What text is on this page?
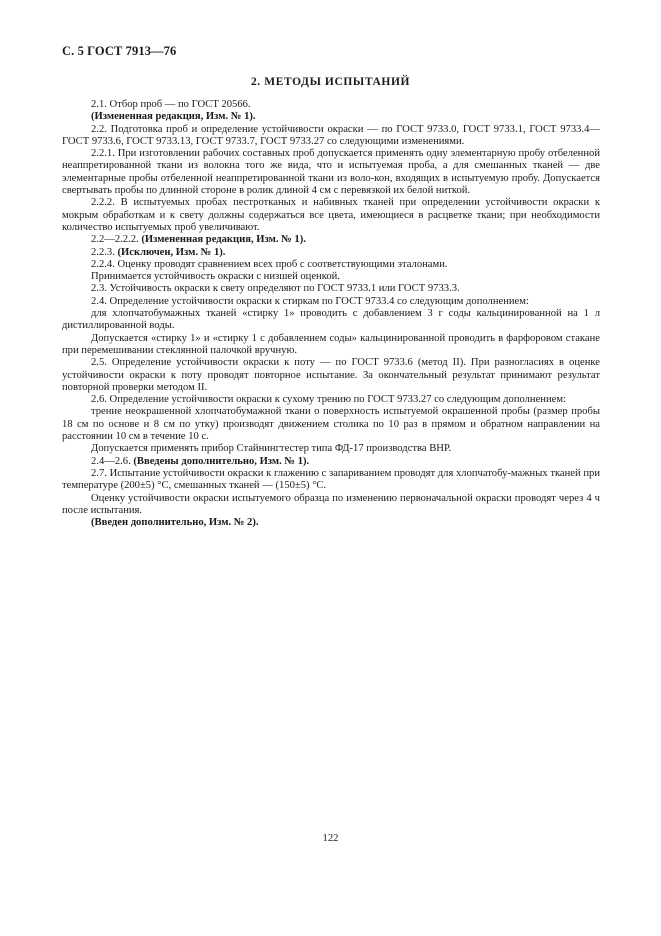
С. 5 ГОСТ 7913—76
2. МЕТОДЫ ИСПЫТАНИЙ

2.1. Отбор проб — по ГОСТ 20566.

(Измененная редакция, Изм. № 1).

2.2. Подготовка проб и определение устойчивости окраски — по ГОСТ 9733.0, ГОСТ 9733.1, ГОСТ 9733.4—ГОСТ 9733.6, ГОСТ 9733.13, ГОСТ 9733.7, ГОСТ 9733.27 со следующими изменениями.

2.2.1. При изготовлении рабочих составных проб допускается применять одну элементарную пробу отбеленной неаппретированной ткани из волокна того же вида, что и испытуемая проба, а для смешанных тканей — две элементарные пробы отбеленной неаппретированной ткани из воло-кон, входящих в испытуемую пробу. Допускается свертывать пробы по длинной стороне в ролик длиной 4 см с перевязкой их белой ниткой.

2.2.2. В испытуемых пробах пестротканых и набивных тканей при определении устойчивости окраски к мокрым обработкам и к свету должны содержаться все цвета, имеющиеся в расцветке ткани; при необходимости количество испытуемых проб увеличивают.

2.2—2.2.2. (Измененная редакция, Изм. № 1).

2.2.3. (Исключен, Изм. № 1).

2.2.4. Оценку проводят сравнением всех проб с соответствующими эталонами.

Принимается устойчивость окраски с низшей оценкой.

2.3. Устойчивость окраски к свету определяют по ГОСТ 9733.1 или ГОСТ 9733.3.

2.4. Определение устойчивости окраски к стиркам по ГОСТ 9733.4 со следующим дополнением:

для хлопчатобумажных тканей «стирку 1» проводить с добавлением 3 г соды кальцинированной на 1 л дистиллированной воды.

Допускается «стирку 1» и «стирку 1 с добавлением соды» кальцинированной проводить в фарфоровом стакане при перемешивании стеклянной палочкой вручную.

2.5. Определение устойчивости окраски к поту — по ГОСТ 9733.6 (метод II). При разногласиях в оценке устойчивости окраски к поту проводят повторное испытание. За окончательный результат принимают результат повторной проверки методом II.

2.6. Определение устойчивости окраски к сухому трению по ГОСТ 9733.27 со следующим дополнением:

трение неокрашенной хлопчатобумажной ткани о поверхность испытуемой окрашенной пробы (размер пробы 18 см по основе и 8 см по утку) производят движением столика по 10 раз в прямом и обратном направлении на расстоянии 10 см в течение 10 с.

Допускается применять прибор Стайнингтестер типа ФД-17 производства ВНР.

2.4—2.6. (Введены дополнительно, Изм. № 1).

2.7. Испытание устойчивости окраски к глажению с запариванием проводят для хлопчатобу-мажных тканей при температуре (200±5) °С, смешанных тканей — (150±5) °С.

Оценку устойчивости окраски испытуемого образца по изменению первоначальной окраски проводят через 4 ч после испытания.

(Введен дополнительно, Изм. № 2).

122
